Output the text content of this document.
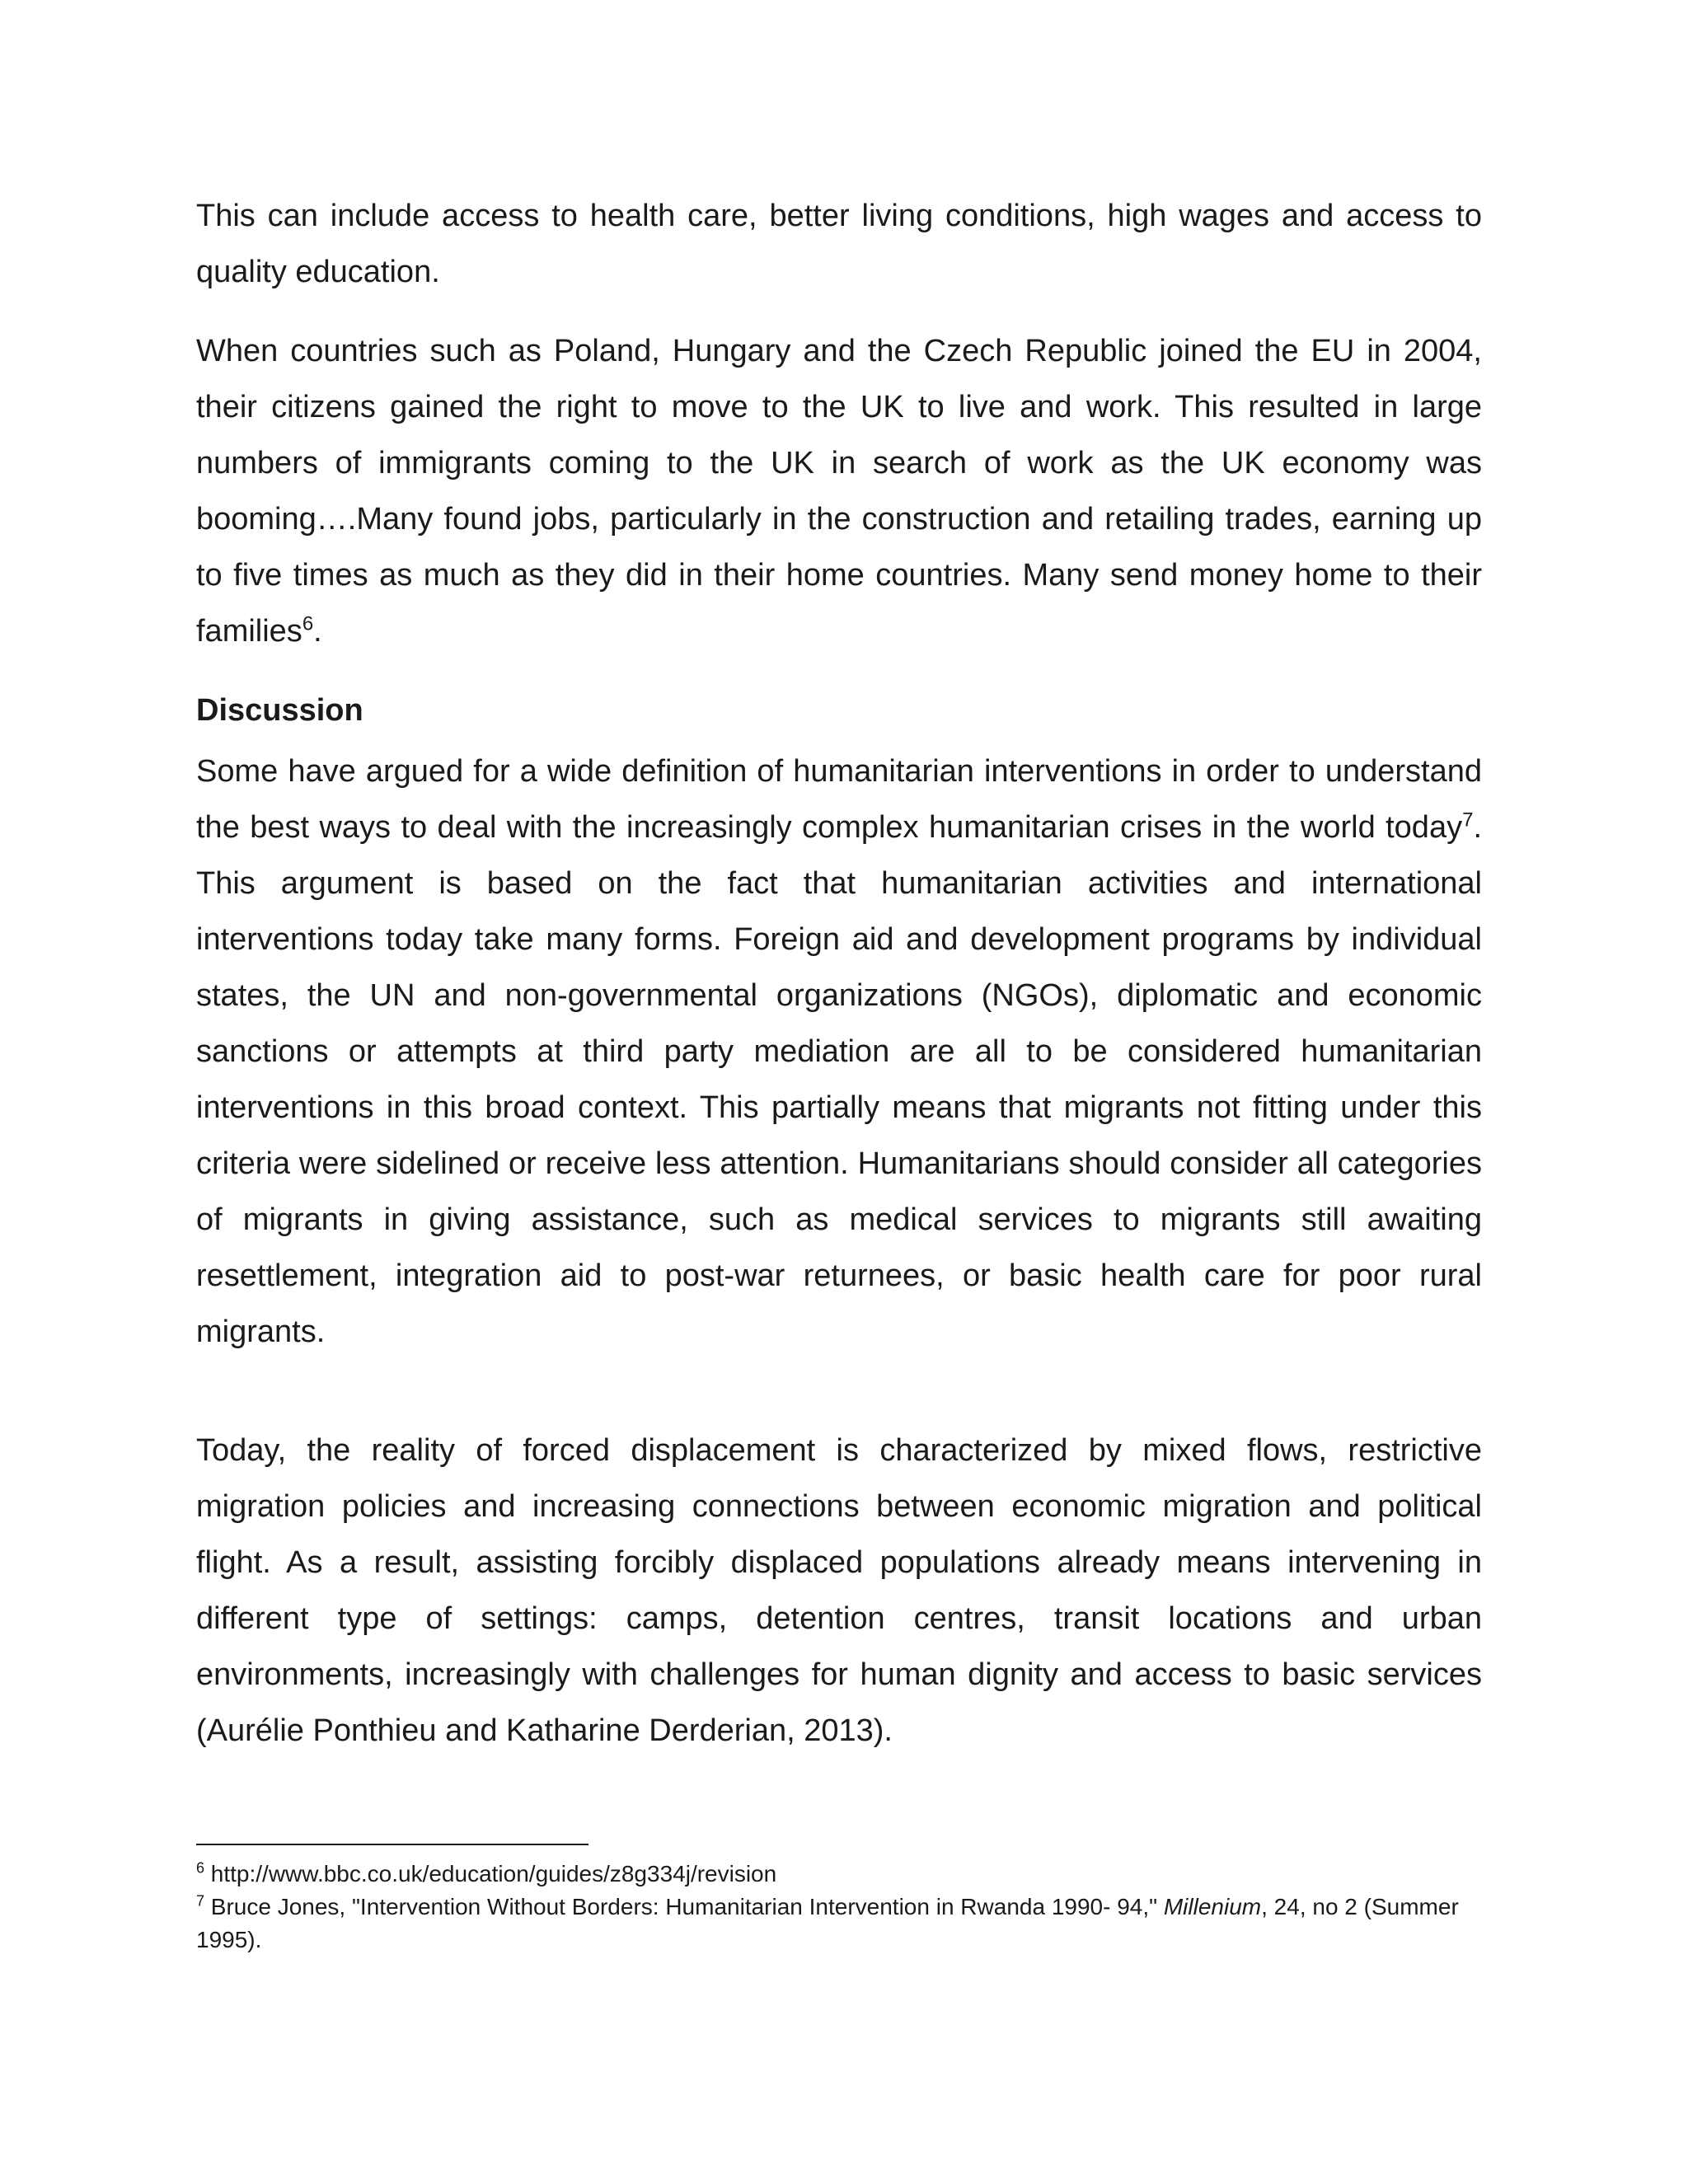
This can include access to health care, better living conditions, high wages and access to quality education.

When countries such as Poland, Hungary and the Czech Republic joined the EU in 2004, their citizens gained the right to move to the UK to live and work. This resulted in large numbers of immigrants coming to the UK in search of work as the UK economy was booming….Many found jobs, particularly in the construction and retailing trades, earning up to five times as much as they did in their home countries. Many send money home to their families$^6$.

Discussion

Some have argued for a wide definition of humanitarian interventions in order to understand the best ways to deal with the increasingly complex humanitarian crises in the world today$^7$. This argument is based on the fact that humanitarian activities and international interventions today take many forms. Foreign aid and development programs by individual states, the UN and non-governmental organizations (NGOs), diplomatic and economic sanctions or attempts at third party mediation are all to be considered humanitarian interventions in this broad context. This partially means that migrants not fitting under this criteria were sidelined or receive less attention. Humanitarians should consider all categories of migrants in giving assistance, such as medical services to migrants still awaiting resettlement, integration aid to post-war returnees, or basic health care for poor rural migrants.

Today, the reality of forced displacement is characterized by mixed flows, restrictive migration policies and increasing connections between economic migration and political flight. As a result, assisting forcibly displaced populations already means intervening in different type of settings: camps, detention centres, transit locations and urban environments, increasingly with challenges for human dignity and access to basic services (Aurélie Ponthieu and Katharine Derderian, 2013).

$^6$ http://www.bbc.co.uk/education/guides/z8g334j/revision

$^7$ Bruce Jones, "Intervention Without Borders: Humanitarian Intervention in Rwanda 1990- 94," Millenium, 24, no 2 (Summer 1995).
